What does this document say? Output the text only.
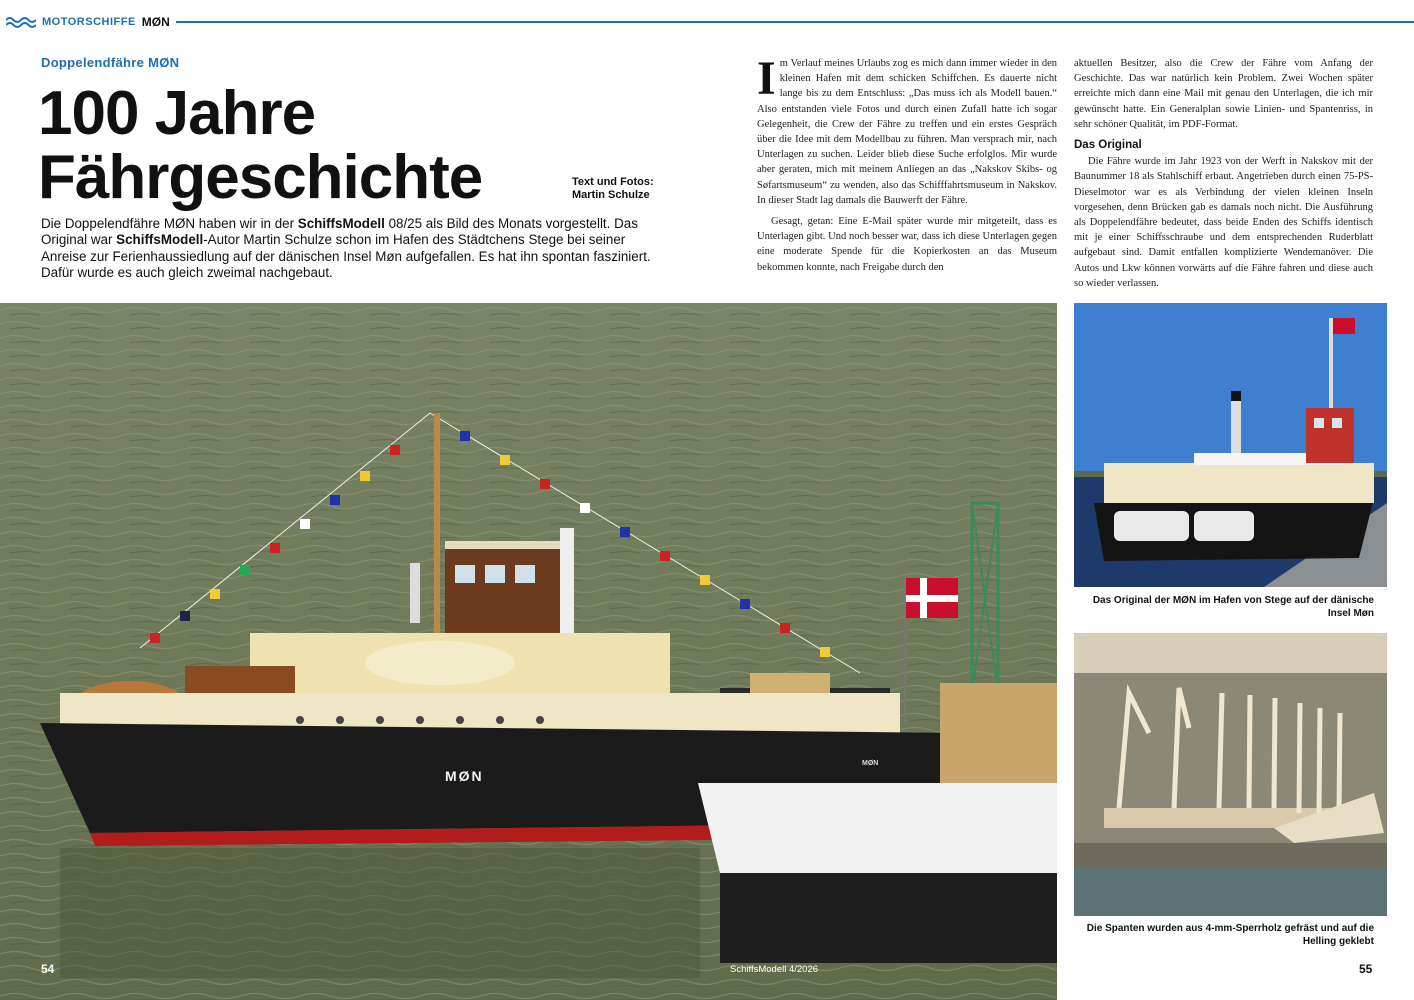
MOTORSCHIFFE MØN
Doppelendfähre MØN
100 Jahre
Fährgeschichte	Text und Fotos:
Martin Schulze
Die Doppelendfähre MØN haben wir in der SchiffsModell 08/25 als Bild des Monats vorgestellt. Das Original war SchiffsModell-Autor Martin Schulze schon im Hafen des Städtchens Stege bei seiner Anreise zur Ferienhaussiedlung auf der dänischen Insel Møn aufgefallen. Es hat ihn spontan fasziniert. Dafür wurde es auch gleich zweimal nachgebaut.

Im Verlauf meines Urlaubs zog es mich dann immer wieder in den kleinen Hafen mit dem schicken Schiffchen. Es dauerte nicht lange bis zu dem Entschluss: „Das muss ich als Modell bauen.“ Also entstanden viele Fotos und durch einen Zufall hatte ich sogar Gelegenheit, die Crew der Fähre zu treffen und ein erstes Gespräch über die Idee mit dem Modellbau zu führen. Man versprach mir, nach Unterlagen zu suchen. Leider blieb diese Suche erfolglos. Mir wurde aber geraten, mich mit meinem Anliegen an das „Nakskov Skibs- og Søfartsmuseum“ zu wenden, also das Schifffahrtsmuseum in Nakskov. In dieser Stadt lag damals die Bauwerft der Fähre.

Gesagt, getan: Eine E-Mail später wurde mir mitgeteilt, dass es Unterlagen gibt. Und noch besser war, dass ich diese Unterlagen gegen eine moderate Spende für die Kopierkosten an das Museum bekommen konnte, nach Freigabe durch den

aktuellen Besitzer, also die Crew der Fähre vom Anfang der Geschichte. Das war natürlich kein Problem. Zwei Wochen später erreichte mich dann eine Mail mit genau den Unterlagen, die ich mir gewünscht hatte. Ein Generalplan sowie Linien- und Spantenriss, in sehr schöner Qualität, im PDF-Format.

Das Original

Die Fähre wurde im Jahr 1923 von der Werft in Nakskov mit der Baunummer 18 als Stahlschiff erbaut. Angetrieben durch einen 75-PS-Dieselmotor war es als Verbindung der vielen kleinen Inseln vorgesehen, denn Brücken gab es damals noch nicht. Die Ausführung als Doppelendfähre bedeutet, dass beide Enden des Schiffs identisch mit je einer Schiffsschraube und dem entsprechenden Ruderblatt aufgebaut sind. Damit entfallen komplizierte Wendemanöver. Die Autos und Lkw können vorwärts auf die Fähre fahren und diese auch so wieder verlassen.

MØN
MØN
Das Original der MØN im Hafen von Stege auf der dänische Insel Møn
Die Spanten wurden aus 4-mm-Sperrholz gefräst und auf die Helling geklebt
54	SchiffsModell 4/2026	55
